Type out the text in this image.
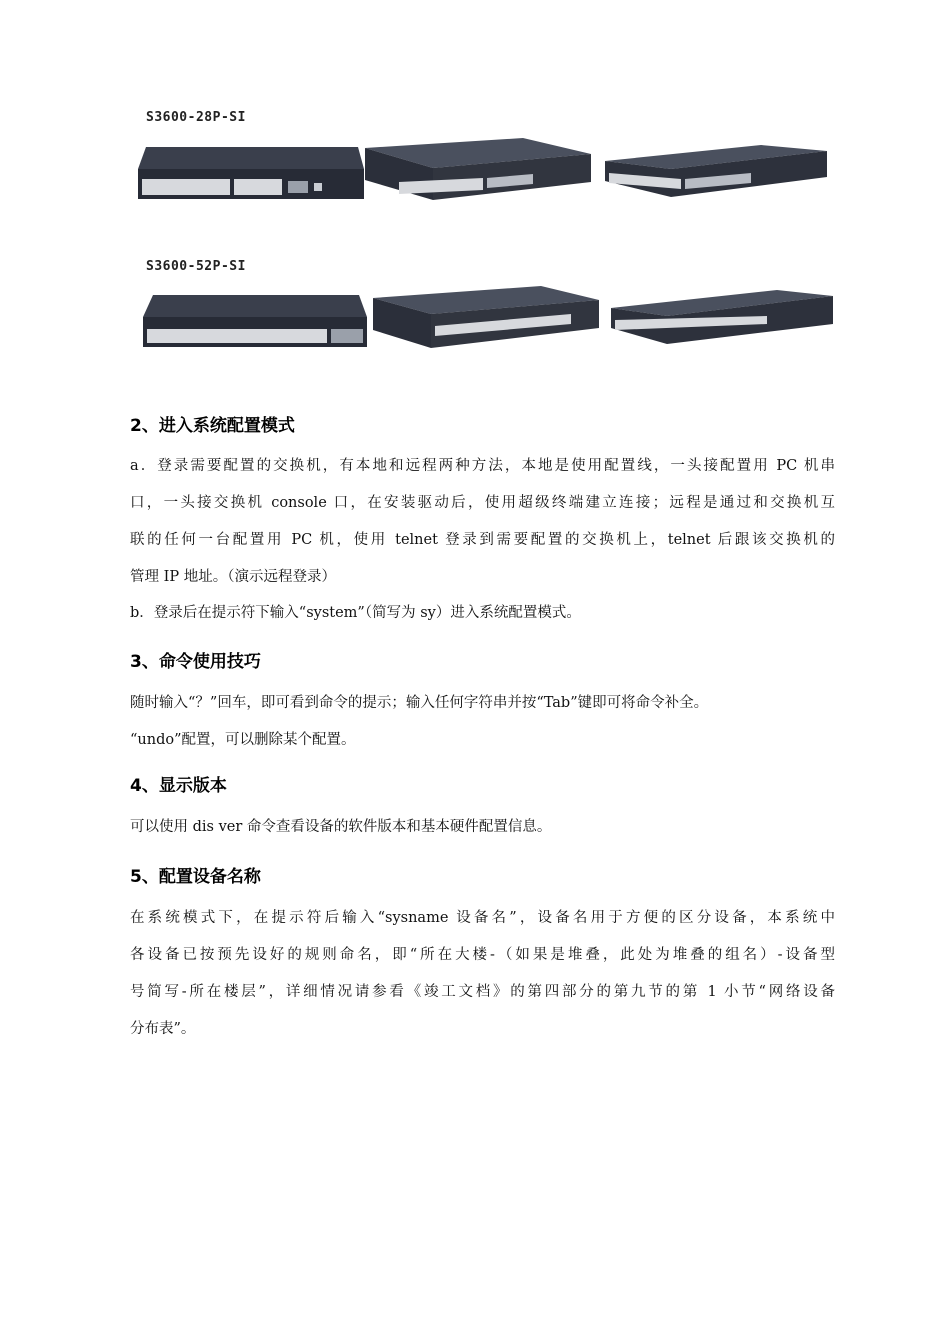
S3600-28P-SI
S3600-52P-SI
2、进入系统配置模式
a．登录需要配置的交换机，有本地和远程两种方法，本地是使用配置线，一头接配置用 PC 机串
口，一头接交换机 console 口，在安装驱动后，使用超级终端建立连接；远程是通过和交换机互
联的任何一台配置用 PC 机，使用 telnet 登录到需要配置的交换机上，telnet 后跟该交换机的
管理 IP 地址。（演示远程登录）
b．登录后在提示符下输入“system”（简写为 sy）进入系统配置模式。
3、命令使用技巧
随时输入“？”回车，即可看到命令的提示；输入任何字符串并按“Tab”键即可将命令补全。
“undo”配置，可以删除某个配置。
4、显示版本
可以使用 dis ver 命令查看设备的软件版本和基本硬件配置信息。
5、配置设备名称
在系统模式下，在提示符后输入“sysname 设备名”，设备名用于方便的区分设备，本系统中
各设备已按预先设好的规则命名，即“所在大楼-（如果是堆叠，此处为堆叠的组名）-设备型
号简写-所在楼层”，详细情况请参看《竣工文档》的第四部分的第九节的第 1 小节“网络设备
分布表”。
